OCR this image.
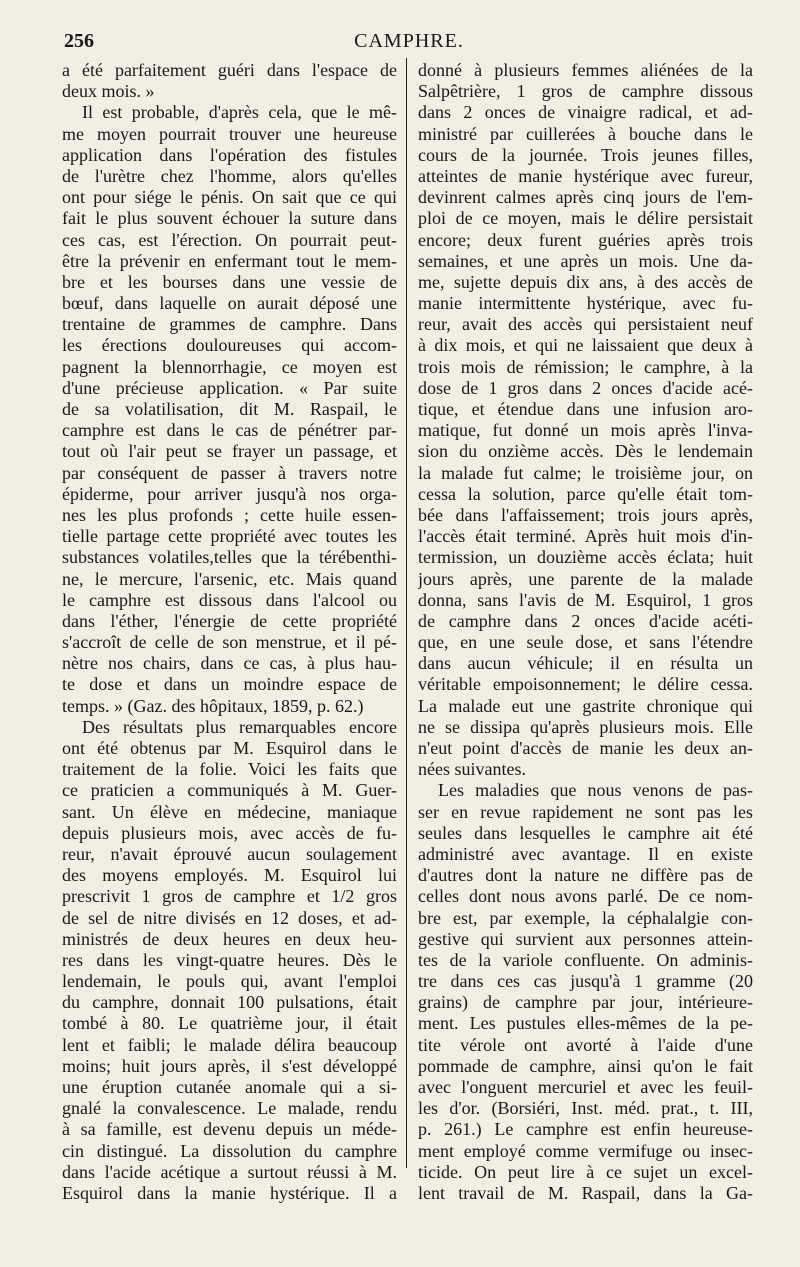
256	CAMPHRE.
a été parfaitement guéri dans l'espace de
deux mois. »
Il est probable, d'après cela, que le mê-
me moyen pourrait trouver une heureuse
application dans l'opération des fistules
de l'urètre chez l'homme, alors qu'elles
ont pour siége le pénis. On sait que ce qui
fait le plus souvent échouer la suture dans
ces cas, est l'érection. On pourrait peut-
être la prévenir en enfermant tout le mem-
bre et les bourses dans une vessie de
bœuf, dans laquelle on aurait déposé une
trentaine de grammes de camphre. Dans
les érections douloureuses qui accom-
pagnent la blennorrhagie, ce moyen est
d'une précieuse application. « Par suite
de sa volatilisation, dit M. Raspail, le
camphre est dans le cas de pénétrer par-
tout où l'air peut se frayer un passage, et
par conséquent de passer à travers notre
épiderme, pour arriver jusqu'à nos orga-
nes les plus profonds ; cette huile essen-
tielle partage cette propriété avec toutes les
substances volatiles,telles que la térébenthi-
ne, le mercure, l'arsenic, etc. Mais quand
le camphre est dissous dans l'alcool ou
dans l'éther, l'énergie de cette propriété
s'accroît de celle de son menstrue, et il pé-
nètre nos chairs, dans ce cas, à plus hau-
te dose et dans un moindre espace de
temps. » (Gaz. des hôpitaux, 1859, p. 62.)
Des résultats plus remarquables encore
ont été obtenus par M. Esquirol dans le
traitement de la folie. Voici les faits que
ce praticien a communiqués à M. Guer-
sant. Un élève en médecine, maniaque
depuis plusieurs mois, avec accès de fu-
reur, n'avait éprouvé aucun soulagement
des moyens employés. M. Esquirol lui
prescrivit 1 gros de camphre et 1/2 gros
de sel de nitre divisés en 12 doses, et ad-
ministrés de deux heures en deux heu-
res dans les vingt-quatre heures. Dès le
lendemain, le pouls qui, avant l'emploi
du camphre, donnait 100 pulsations, était
tombé à 80. Le quatrième jour, il était
lent et faibli; le malade délira beaucoup
moins; huit jours après, il s'est développé
une éruption cutanée anomale qui a si-
gnalé la convalescence. Le malade, rendu
à sa famille, est devenu depuis un méde-
cin distingué. La dissolution du camphre
dans l'acide acétique a surtout réussi à M.
Esquirol dans la manie hystérique. Il a
donné à plusieurs femmes aliénées de la
Salpêtrière, 1 gros de camphre dissous
dans 2 onces de vinaigre radical, et ad-
ministré par cuillerées à bouche dans le
cours de la journée. Trois jeunes filles,
atteintes de manie hystérique avec fureur,
devinrent calmes après cinq jours de l'em-
ploi de ce moyen, mais le délire persistait
encore; deux furent guéries après trois
semaines, et une après un mois. Une da-
me, sujette depuis dix ans, à des accès de
manie intermittente hystérique, avec fu-
reur, avait des accès qui persistaient neuf
à dix mois, et qui ne laissaient que deux à
trois mois de rémission; le camphre, à la
dose de 1 gros dans 2 onces d'acide acé-
tique, et étendue dans une infusion aro-
matique, fut donné un mois après l'inva-
sion du onzième accès. Dès le lendemain
la malade fut calme; le troisième jour, on
cessa la solution, parce qu'elle était tom-
bée dans l'affaissement; trois jours après,
l'accès était terminé. Après huit mois d'in-
termission, un douzième accès éclata; huit
jours après, une parente de la malade
donna, sans l'avis de M. Esquirol, 1 gros
de camphre dans 2 onces d'acide acéti-
que, en une seule dose, et sans l'étendre
dans aucun véhicule; il en résulta un
véritable empoisonnement; le délire cessa.
La malade eut une gastrite chronique qui
ne se dissipa qu'après plusieurs mois. Elle
n'eut point d'accès de manie les deux an-
nées suivantes.
Les maladies que nous venons de pas-
ser en revue rapidement ne sont pas les
seules dans lesquelles le camphre ait été
administré avec avantage. Il en existe
d'autres dont la nature ne diffère pas de
celles dont nous avons parlé. De ce nom-
bre est, par exemple, la céphalalgie con-
gestive qui survient aux personnes attein-
tes de la variole confluente. On adminis-
tre dans ces cas jusqu'à 1 gramme (20
grains) de camphre par jour, intérieure-
ment. Les pustules elles-mêmes de la pe-
tite vérole ont avorté à l'aide d'une
pommade de camphre, ainsi qu'on le fait
avec l'onguent mercuriel et avec les feuil-
les d'or. (Borsiéri, Inst. méd. prat., t. III,
p. 261.) Le camphre est enfin heureuse-
ment employé comme vermifuge ou insec-
ticide. On peut lire à ce sujet un excel-
lent travail de M. Raspail, dans la Ga-
